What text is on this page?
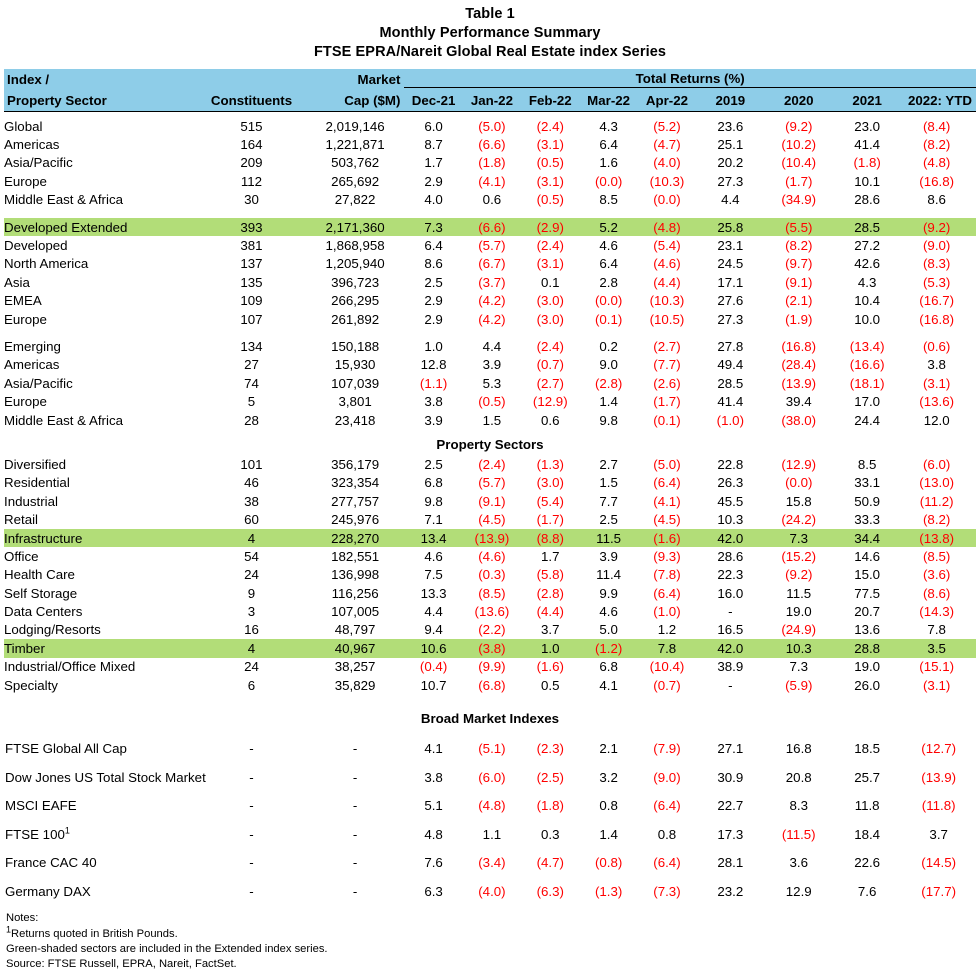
Table 1
Monthly Performance Summary
FTSE EPRA/Nareit Global Real Estate index Series
Index /		Market	Total Returns (%)								

Property Sector	Constituents	Cap ($M)	Dec-21	Jan-22	Feb-22	Mar-22	Apr-22	2019	2020	2021	2022: YTD

Global	515	2,019,146	6.0	(5.0)	(2.4)	4.3	(5.2)	23.6	(9.2)	23.0	(8.4)
Americas	164	1,221,871	8.7	(6.6)	(3.1)	6.4	(4.7)	25.1	(10.2)	41.4	(8.2)
Asia/Pacific	209	503,762	1.7	(1.8)	(0.5)	1.6	(4.0)	20.2	(10.4)	(1.8)	(4.8)
Europe	112	265,692	2.9	(4.1)	(3.1)	(0.0)	(10.3)	27.3	(1.7)	10.1	(16.8)
Middle East & Africa	30	27,822	4.0	0.6	(0.5)	8.5	(0.0)	4.4	(34.9)	28.6	8.6

Developed Extended	393	2,171,360	7.3	(6.6)	(2.9)	5.2	(4.8)	25.8	(5.5)	28.5	(9.2)
Developed	381	1,868,958	6.4	(5.7)	(2.4)	4.6	(5.4)	23.1	(8.2)	27.2	(9.0)
North America	137	1,205,940	8.6	(6.7)	(3.1)	6.4	(4.6)	24.5	(9.7)	42.6	(8.3)
Asia	135	396,723	2.5	(3.7)	0.1	2.8	(4.4)	17.1	(9.1)	4.3	(5.3)
EMEA	109	266,295	2.9	(4.2)	(3.0)	(0.0)	(10.3)	27.6	(2.1)	10.4	(16.7)
Europe	107	261,892	2.9	(4.2)	(3.0)	(0.1)	(10.5)	27.3	(1.9)	10.0	(16.8)

Emerging	134	150,188	1.0	4.4	(2.4)	0.2	(2.7)	27.8	(16.8)	(13.4)	(0.6)
Americas	27	15,930	12.8	3.9	(0.7)	9.0	(7.7)	49.4	(28.4)	(16.6)	3.8
Asia/Pacific	74	107,039	(1.1)	5.3	(2.7)	(2.8)	(2.6)	28.5	(13.9)	(18.1)	(3.1)
Europe	5	3,801	3.8	(0.5)	(12.9)	1.4	(1.7)	41.4	39.4	17.0	(13.6)
Middle East & Africa	28	23,418	3.9	1.5	0.6	9.8	(0.1)	(1.0)	(38.0)	24.4	12.0

Property Sectors											
Diversified	101	356,179	2.5	(2.4)	(1.3)	2.7	(5.0)	22.8	(12.9)	8.5	(6.0)
Residential	46	323,354	6.8	(5.7)	(3.0)	1.5	(6.4)	26.3	(0.0)	33.1	(13.0)
Industrial	38	277,757	9.8	(9.1)	(5.4)	7.7	(4.1)	45.5	15.8	50.9	(11.2)
Retail	60	245,976	7.1	(4.5)	(1.7)	2.5	(4.5)	10.3	(24.2)	33.3	(8.2)
Infrastructure	4	228,270	13.4	(13.9)	(8.8)	11.5	(1.6)	42.0	7.3	34.4	(13.8)
Office	54	182,551	4.6	(4.6)	1.7	3.9	(9.3)	28.6	(15.2)	14.6	(8.5)
Health Care	24	136,998	7.5	(0.3)	(5.8)	11.4	(7.8)	22.3	(9.2)	15.0	(3.6)
Self Storage	9	116,256	13.3	(8.5)	(2.8)	9.9	(6.4)	16.0	11.5	77.5	(8.6)
Data Centers	3	107,005	4.4	(13.6)	(4.4)	4.6	(1.0)	-	19.0	20.7	(14.3)
Lodging/Resorts	16	48,797	9.4	(2.2)	3.7	5.0	1.2	16.5	(24.9)	13.6	7.8
Timber	4	40,967	10.6	(3.8)	1.0	(1.2)	7.8	42.0	10.3	28.8	3.5
Industrial/Office Mixed	24	38,257	(0.4)	(9.9)	(1.6)	6.8	(10.4)	38.9	7.3	19.0	(15.1)
Specialty	6	35,829	10.7	(6.8)	0.5	4.1	(0.7)	-	(5.9)	26.0	(3.1)

Broad Market Indexes											

FTSE Global All Cap	-	-	4.1	(5.1)	(2.3)	2.1	(7.9)	27.1	16.8	18.5	(12.7)
Dow Jones US Total Stock Market	-	-	3.8	(6.0)	(2.5)	3.2	(9.0)	30.9	20.8	25.7	(13.9)
MSCI EAFE	-	-	5.1	(4.8)	(1.8)	0.8	(6.4)	22.7	8.3	11.8	(11.8)
FTSE $100^1$	-	-	4.8	1.1	0.3	1.4	0.8	17.3	(11.5)	18.4	3.7
France CAC 40	-	-	7.6	(3.4)	(4.7)	(0.8)	(6.4)	28.1	3.6	22.6	(14.5)
Germany DAX	-	-	6.3	(4.0)	(6.3)	(1.3)	(7.3)	23.2	12.9	7.6	(17.7)
Notes:
$^1$Returns quoted in British Pounds.
Green-shaded sectors are included in the Extended index series.
Source: FTSE Russell, EPRA, Nareit, FactSet.
